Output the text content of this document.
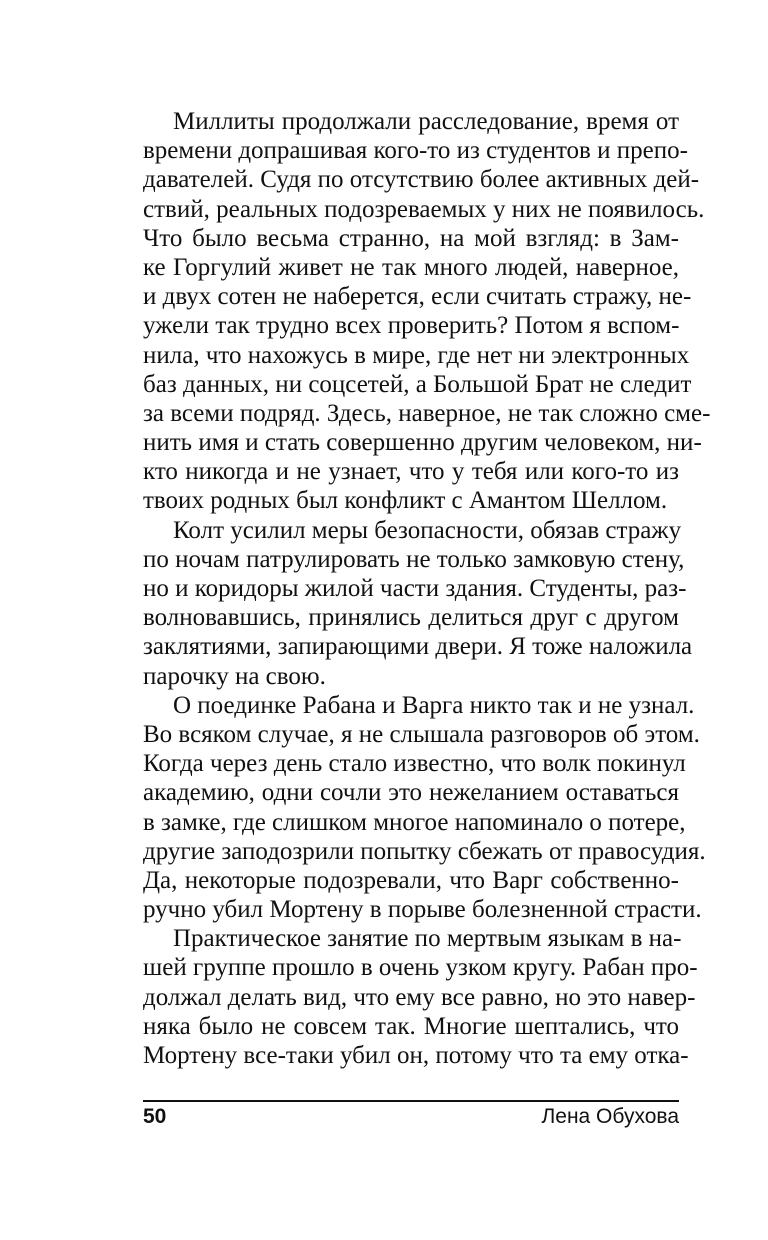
Миллиты продолжали расследование, время от
времени допрашивая кого-то из студентов и препо-
давателей. Судя по отсутствию более активных дей-
ствий, реальных подозреваемых у них не появилось.
Что было весьма странно, на мой взгляд: в Зам-
ке Горгулий живет не так много людей, наверное,
и двух сотен не наберется, если считать стражу, не-
ужели так трудно всех проверить? Потом я вспом-
нила, что нахожусь в мире, где нет ни электронных
баз данных, ни соцсетей, а Большой Брат не следит
за всеми подряд. Здесь, наверное, не так сложно сме-
нить имя и стать совершенно другим человеком, ни-
кто никогда и не узнает, что у тебя или кого-то из
твоих родных был конфликт с Амантом Шеллом.
Колт усилил меры безопасности, обязав стражу
по ночам патрулировать не только замковую стену,
но и коридоры жилой части здания. Студенты, раз-
волновавшись, принялись делиться друг с другом
заклятиями, запирающими двери. Я тоже наложила
парочку на свою.
О поединке Рабана и Варга никто так и не узнал.
Во всяком случае, я не слышала разговоров об этом.
Когда через день стало известно, что волк покинул
академию, одни сочли это нежеланием оставаться
в замке, где слишком многое напоминало о потере,
другие заподозрили попытку сбежать от правосудия.
Да, некоторые подозревали, что Варг собственно-
ручно убил Мортену в порыве болезненной страсти.
Практическое занятие по мертвым языкам в на-
шей группе прошло в очень узком кругу. Рабан про-
должал делать вид, что ему все равно, но это навер-
няка было не совсем так. Многие шептались, что
Мортену все-таки убил он, потому что та ему отка-
50	Лена Обухова
